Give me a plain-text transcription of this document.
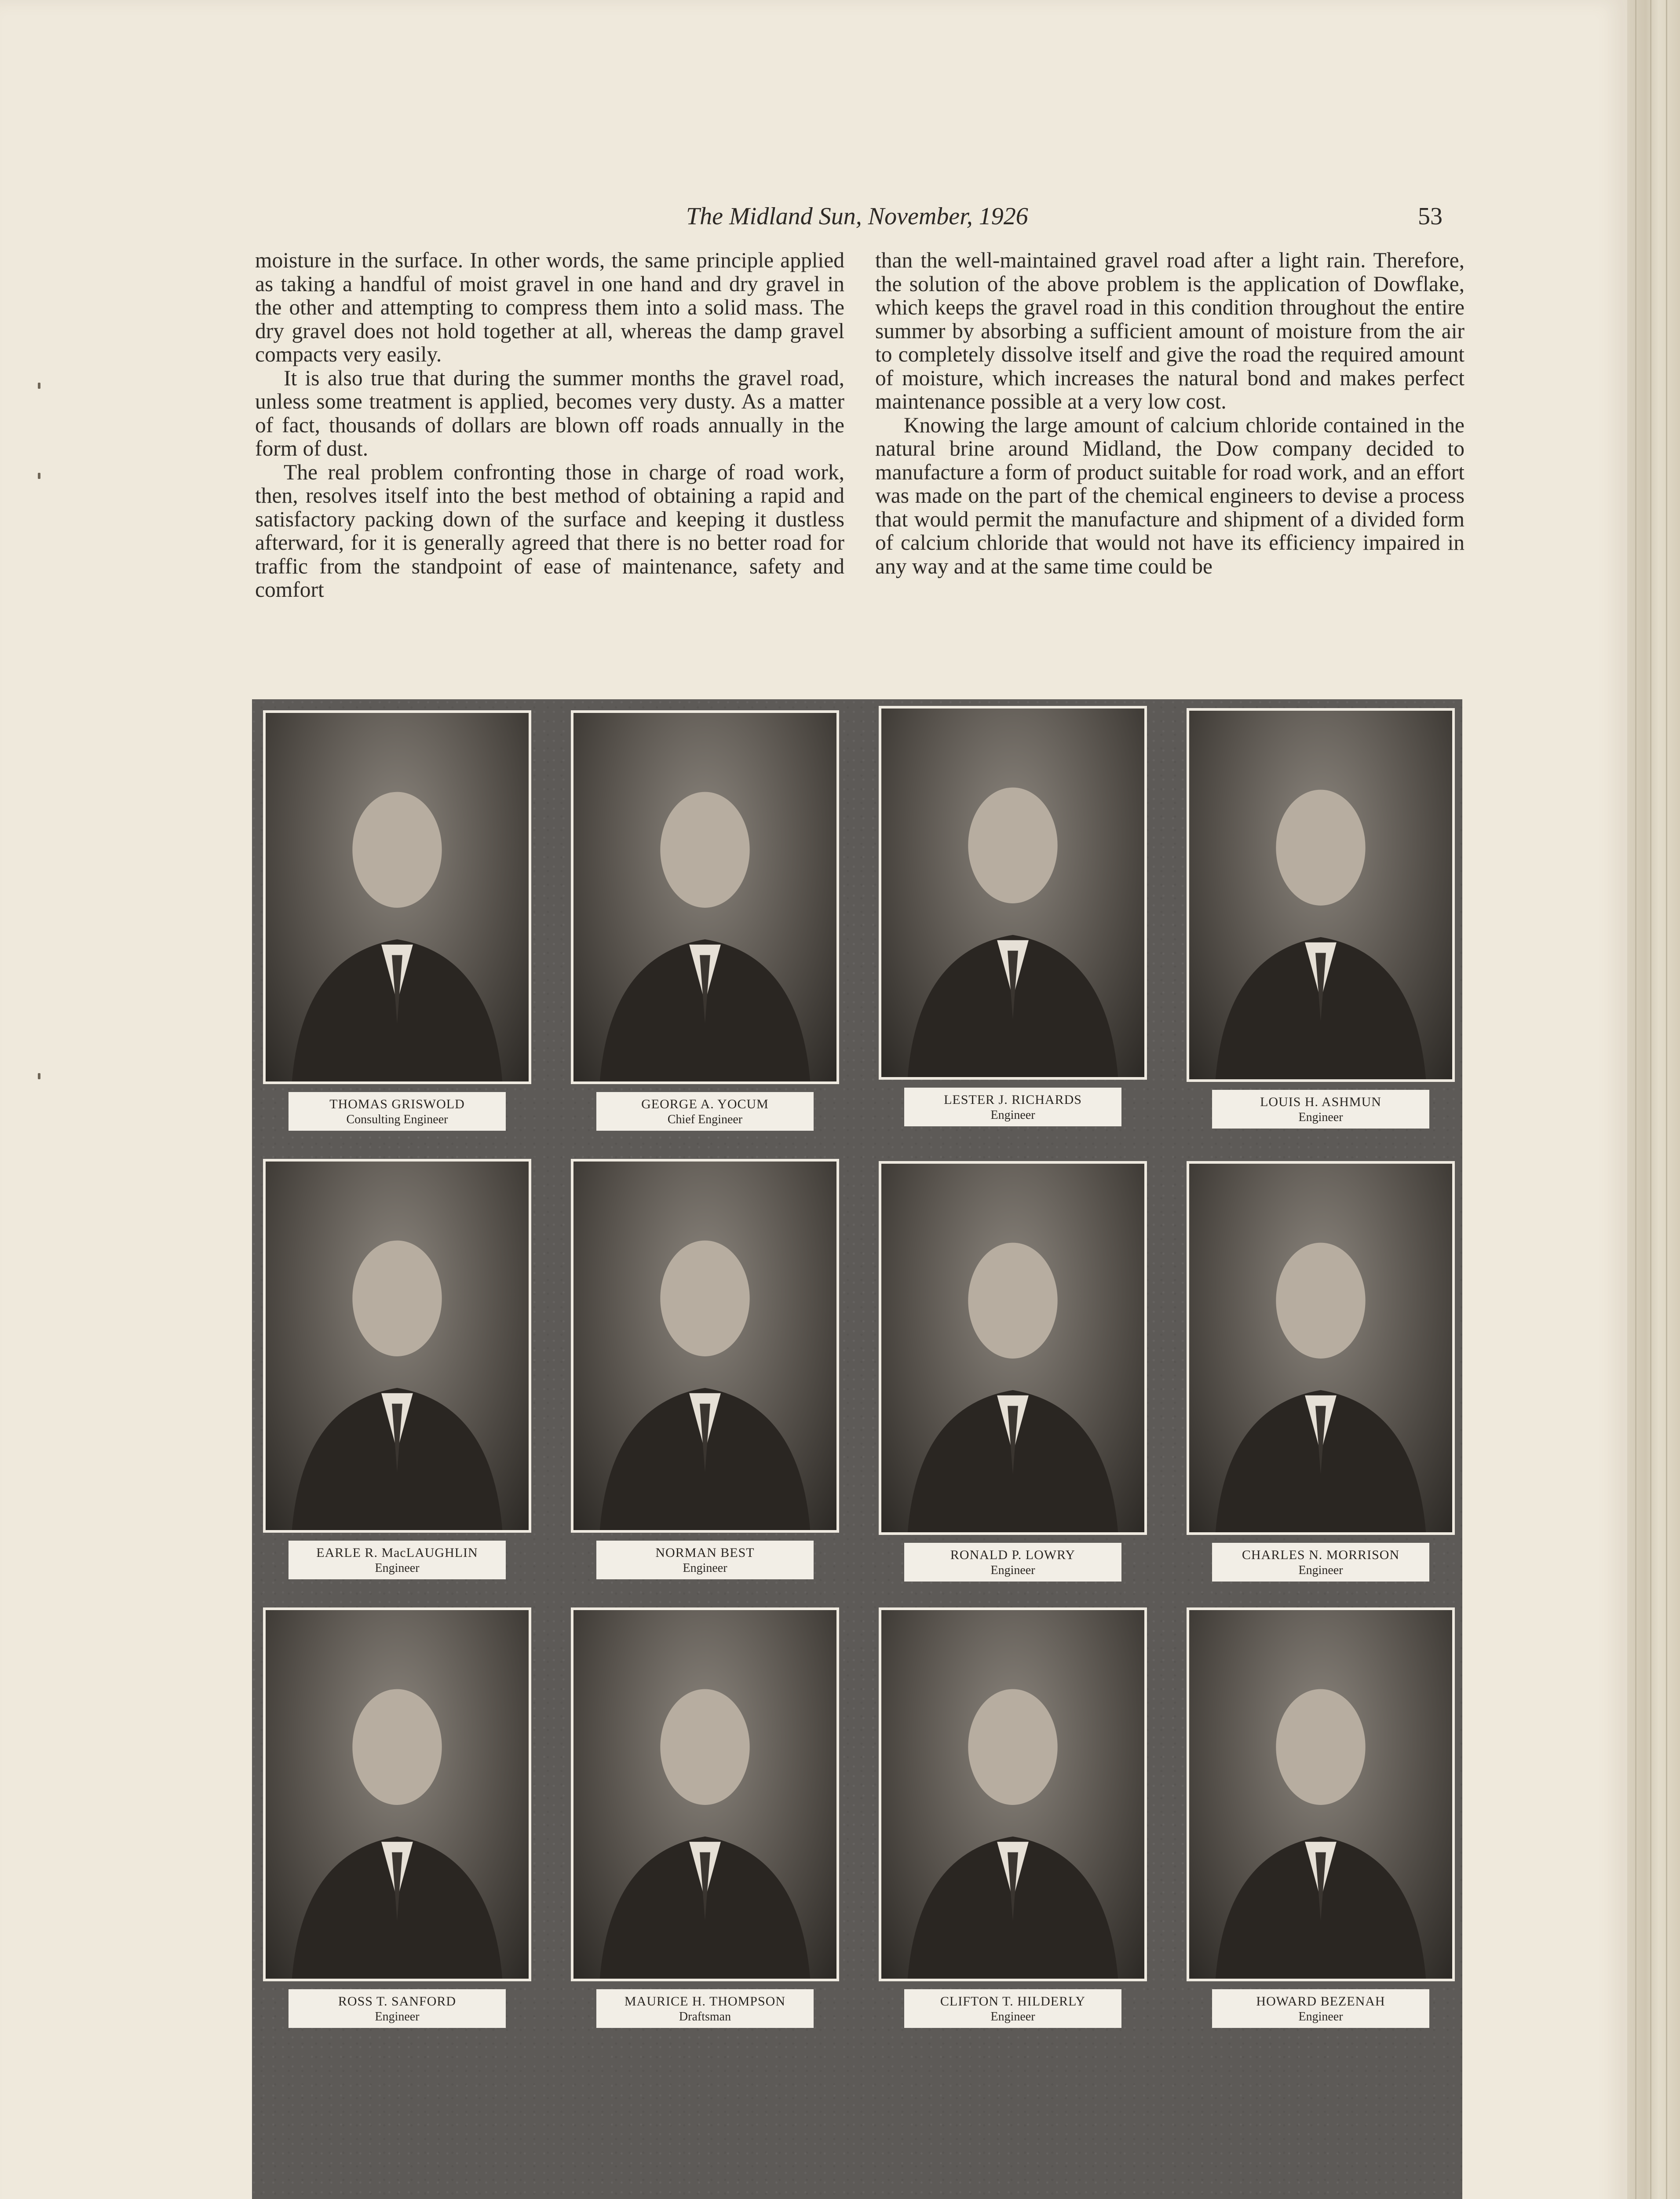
The Midland Sun, November, 1926	53

moisture in the surface. In other words, the same principle applied as taking a handful of moist gravel in one hand and dry gravel in the other and attempting to compress them into a solid mass. The dry gravel does not hold together at all, whereas the damp gravel compacts very easily.

It is also true that during the summer months the gravel road, unless some treatment is applied, becomes very dusty. As a matter of fact, thousands of dollars are blown off roads annually in the form of dust.

The real problem confronting those in charge of road work, then, resolves itself into the best method of obtaining a rapid and satisfactory packing down of the surface and keeping it dustless afterward, for it is generally agreed that there is no better road for traffic from the standpoint of ease of maintenance, safety and comfort

than the well-maintained gravel road after a light rain. Therefore, the solution of the above problem is the application of Dowflake, which keeps the gravel road in this condition throughout the entire summer by absorbing a sufficient amount of moisture from the air to completely dissolve itself and give the road the required amount of moisture, which increases the natural bond and makes perfect maintenance possible at a very low cost.

Knowing the large amount of calcium chloride contained in the natural brine around Midland, the Dow company decided to manufacture a form of product suitable for road work, and an effort was made on the part of the chemical engineers to devise a process that would permit the manufacture and shipment of a divided form of calcium chloride that would not have its efficiency impaired in any way and at the same time could be

THOMAS GRISWOLD
Consulting Engineer
GEORGE A. YOCUM
Chief Engineer
LESTER J. RICHARDS
Engineer
LOUIS H. ASHMUN
Engineer
EARLE R. MacLAUGHLIN
Engineer
NORMAN BEST
Engineer
RONALD P. LOWRY
Engineer
CHARLES N. MORRISON
Engineer
ROSS T. SANFORD
Engineer
MAURICE H. THOMPSON
Draftsman
CLIFTON T. HILDERLY
Engineer
HOWARD BEZENAH
Engineer
